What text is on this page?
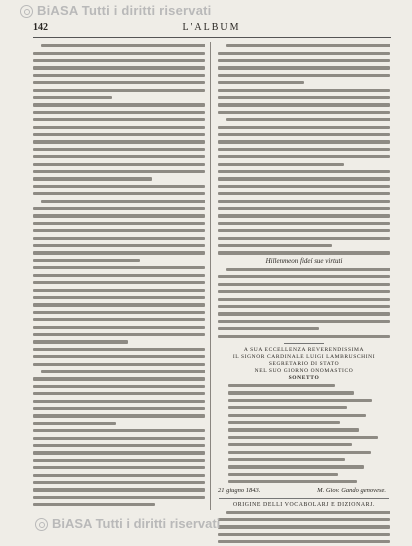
BiASA Tutti i diritti riservati
142	L'ALBUM
Hillenmeon fideí sue virtuti
A SUA ECCELLENZA REVERENDISSIMA
IL SIGNOR CARDINALE LUIGI LAMBRUSCHINI
SEGRETARIO DI STATO
NEL SUO GIORNO ONOMASTICO
SONETTO
21 giugno 1843.	M. Giov. Gando genovese.
ORIGINE DELLI VOCABOLARJ E DIZIONARJ.
BiASA Tutti i diritti riservati
